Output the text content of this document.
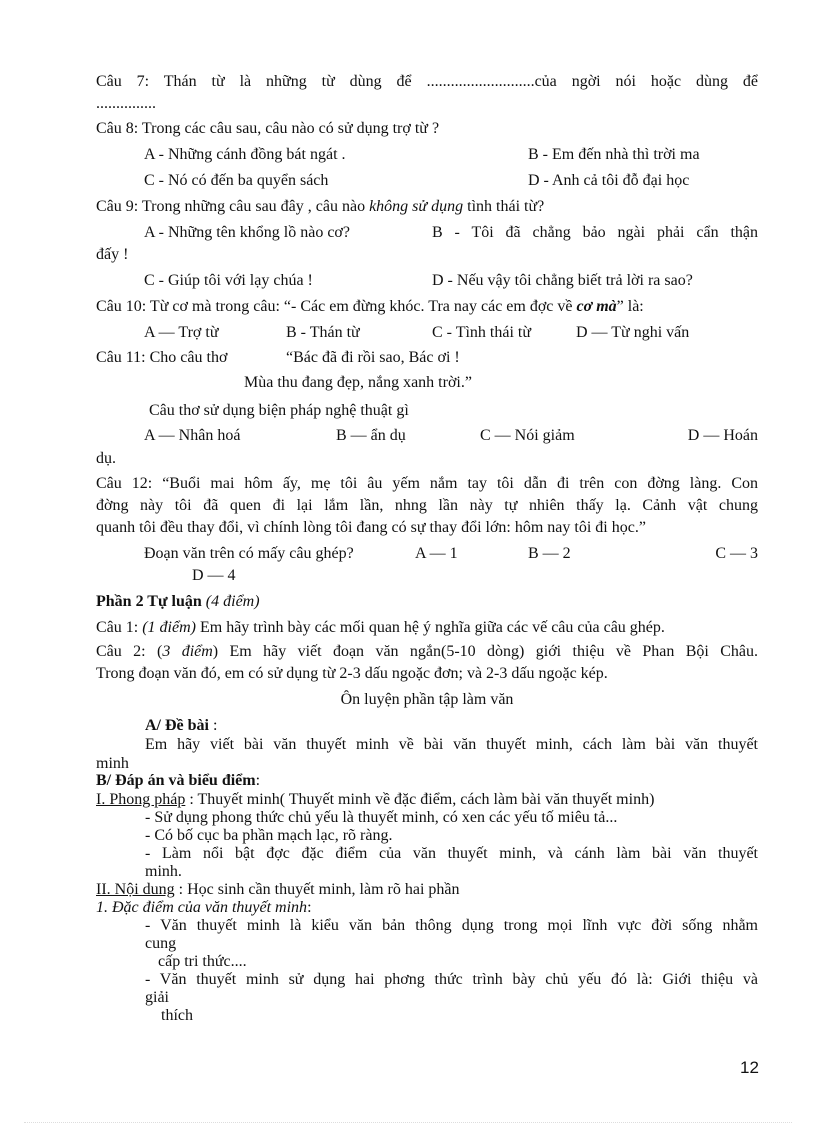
Câu 7: Thán từ là những từ dùng để ...........................của ngời nói hoặc dùng để
...............
Câu 8: Trong các câu sau, câu nào có sử dụng trợ từ ?
A - Những cánh đồng bát ngát .	B - Em đến nhà thì trời ma
C - Nó có đến ba quyển sách	D - Anh cả tôi đỗ đại học
Câu 9: Trong những câu sau đây , câu nào không sử dụng tình thái từ?
A - Những tên khổng lồ nào cơ?	B - Tôi đã chẳng bảo ngài phải cẩn thận
đấy !
C - Giúp tôi với lạy chúa !	D - Nếu vậy tôi chẳng biết trả lời ra sao?
Câu 10: Từ cơ mà trong câu: “- Các em đừng khóc. Tra nay các em đợc về cơ mà” là:
A — Trợ từ	B - Thán từ	C - Tình thái từ	D — Từ nghi vấn
Câu 11: Cho câu thơ	“Bác đã đi rồi sao, Bác ơi !
Mùa thu đang đẹp, nắng xanh trời.”
Câu thơ sử dụng biện pháp nghệ thuật gì
A — Nhân hoá	B — ẩn dụ	C — Nói giảm	D — Hoán
dụ.
Câu 12: “Buổi mai hôm ấy, mẹ tôi âu yếm nắm tay tôi dẫn đi trên con đờng làng. Con
đờng này tôi đã quen đi lại lắm lần, nhng lần này tự nhiên thấy lạ. Cảnh vật chung
quanh tôi đều thay đổi, vì chính lòng tôi đang có sự thay đổi lớn: hôm nay tôi đi học.”
Đoạn văn trên có mấy câu ghép?	A — 1	B — 2	C — 3
D — 4
Phần 2 Tự luận (4 điểm)
Câu 1: (1 điểm) Em hãy trình bày các mối quan hệ ý nghĩa giữa các vế câu của câu ghép.
Câu 2: (3 điểm) Em hãy viết đoạn văn ngắn(5-10 dòng) giới thiệu về Phan Bội Châu.
Trong đoạn văn đó, em có sử dụng từ 2-3 dấu ngoặc đơn; và 2-3 dấu ngoặc kép.
Ôn luyện phần tập làm văn
A/ Đề bài :
Em hãy viết bài văn thuyết minh về bài văn thuyết minh, cách làm bài văn thuyết
minh
B/ Đáp án và biểu điểm:
I. Phong pháp : Thuyết minh( Thuyết minh về đặc điểm, cách làm bài văn thuyết minh)
- Sử dụng phong thức chủ yếu là thuyết minh, có xen các yếu tố miêu tả...
- Có bố cục ba phần mạch lạc, rõ ràng.
- Làm nổi bật đợc đặc điểm của văn thuyết minh, và cánh làm bài văn thuyết
minh.
II. Nội dung : Học sinh cần thuyết minh, làm rõ hai phần
1. Đặc điểm của văn thuyết minh:
- Văn thuyết minh là kiểu văn bản thông dụng trong mọi lĩnh vực đời sống nhằm
cung
cấp tri thức....
- Văn thuyết minh sử dụng hai phơng thức trình bày chủ yếu đó là: Giới thiệu và
giải
thích
12
